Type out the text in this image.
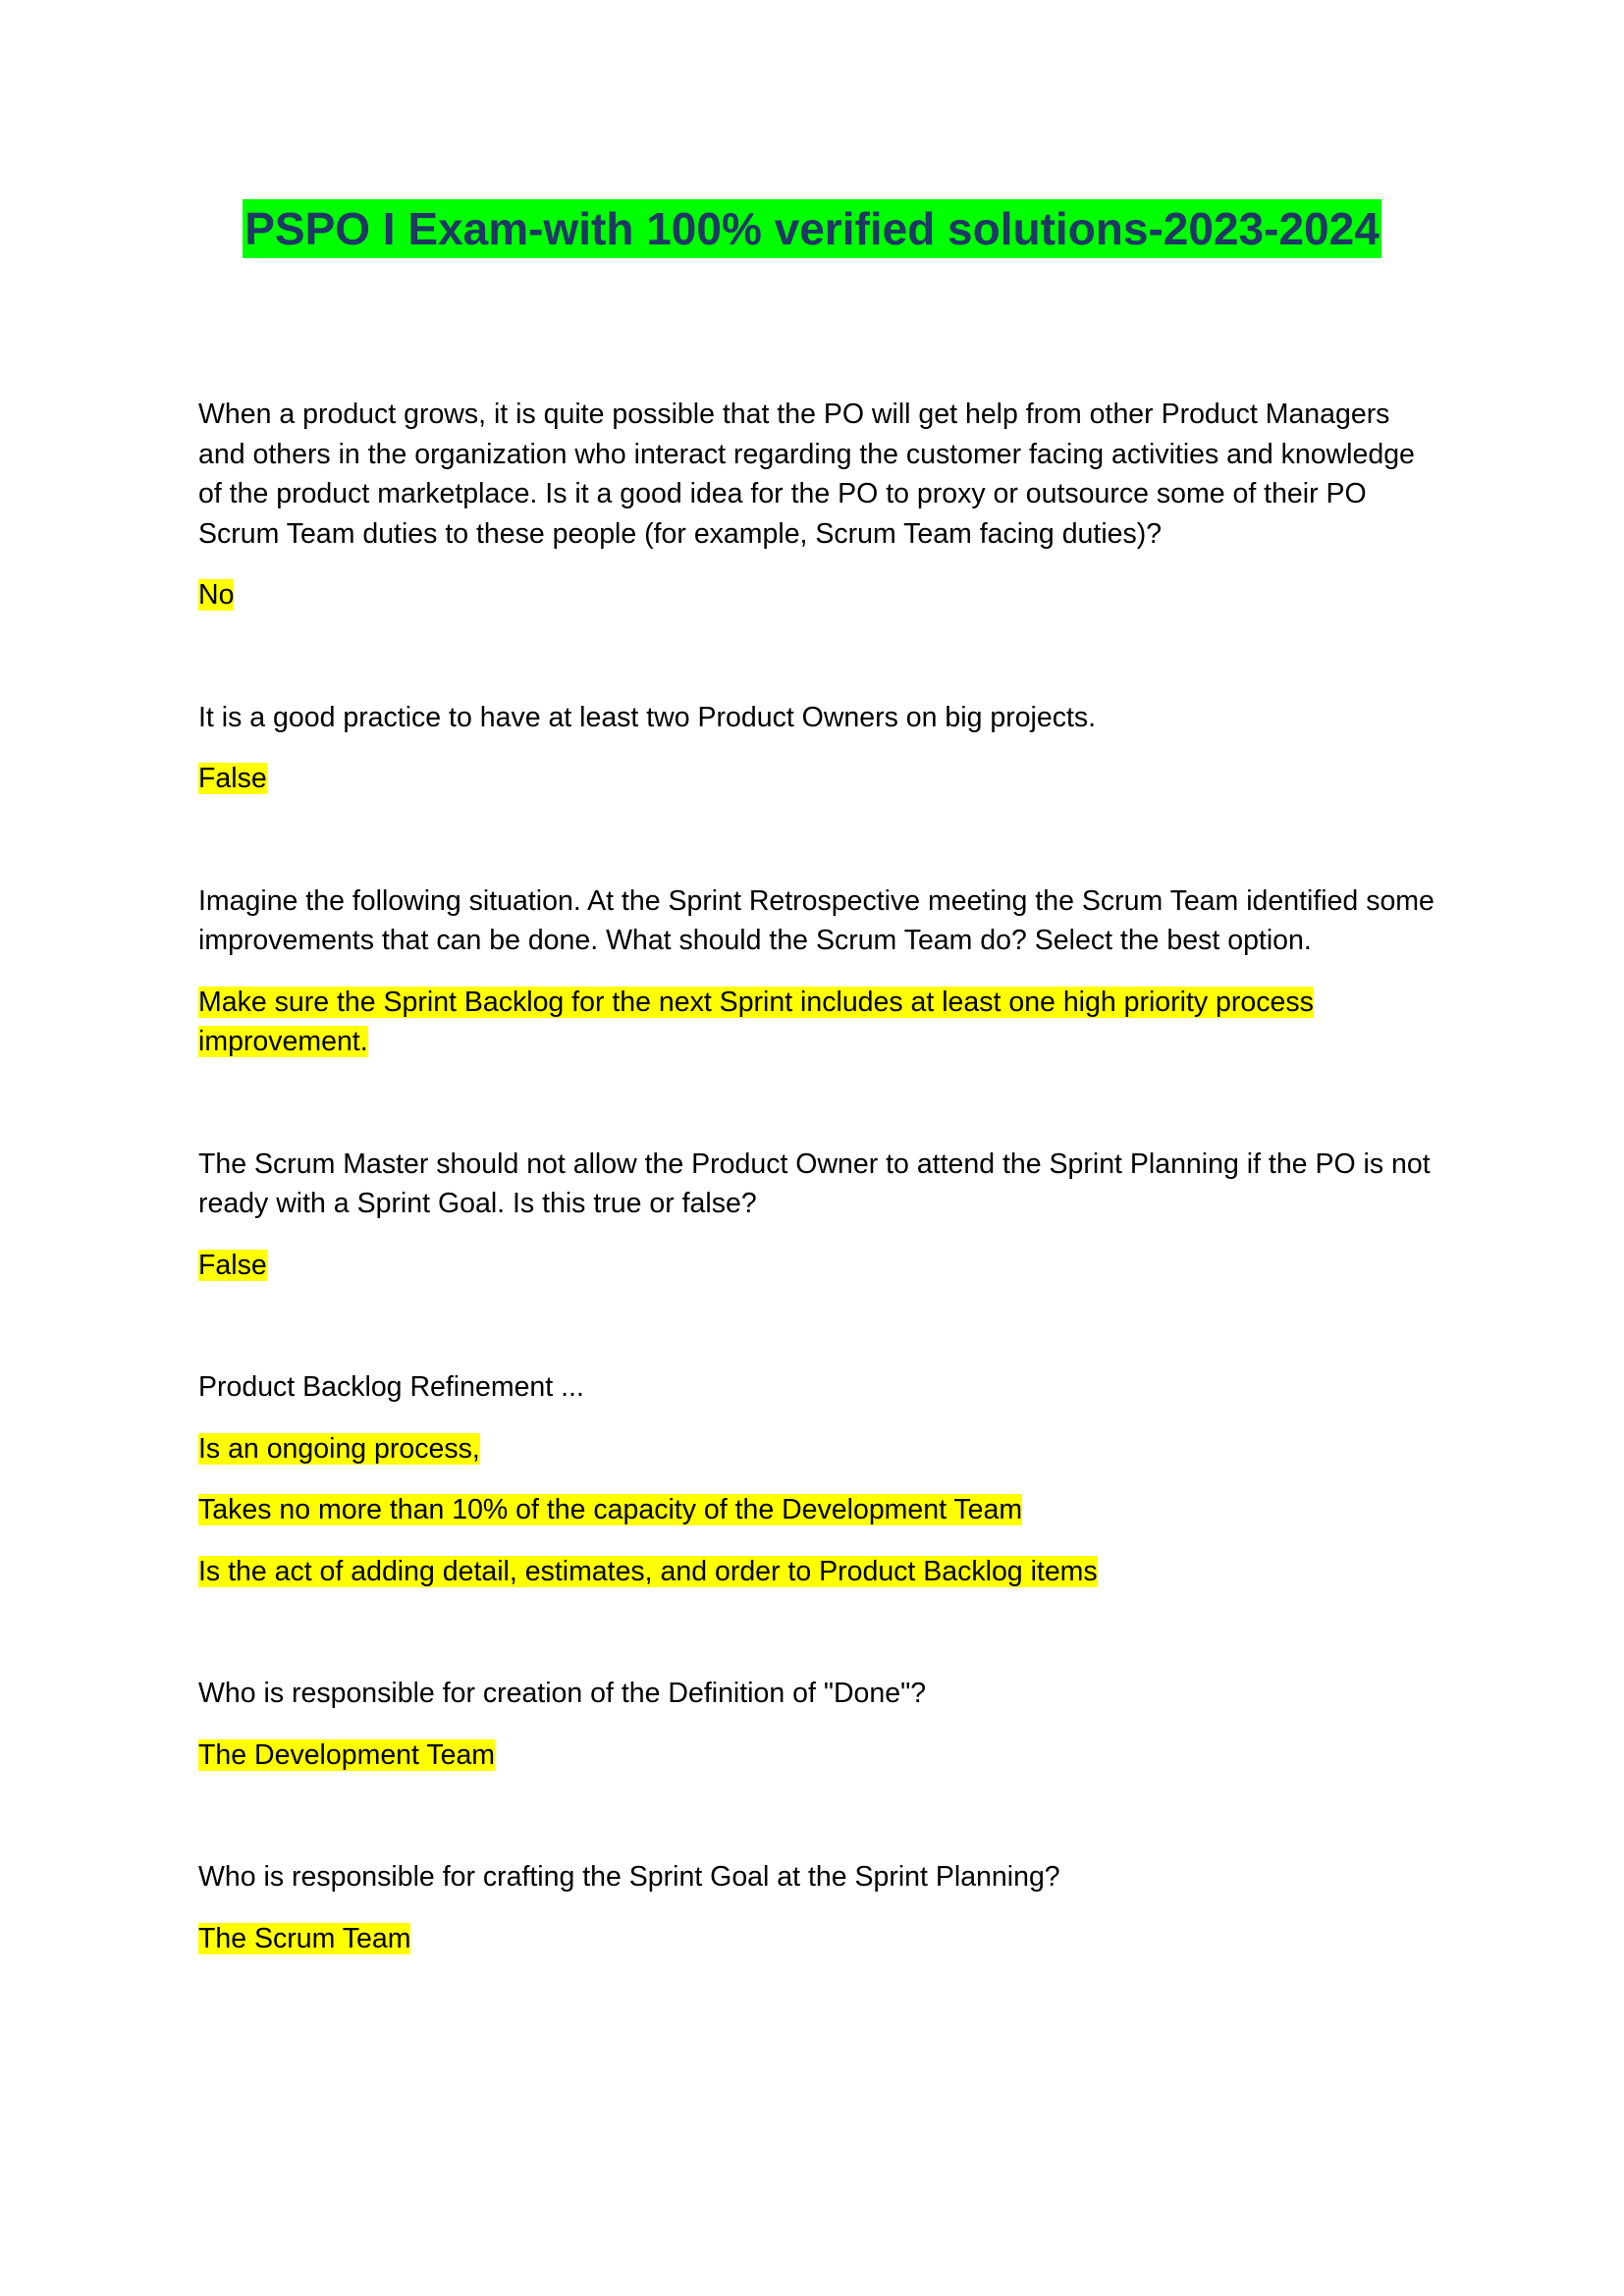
PSPO I Exam-with 100% verified solutions-2023-2024

When a product grows, it is quite possible that the PO will get help from other Product Managers and others in the organization who interact regarding the customer facing activities and knowledge of the product marketplace. Is it a good idea for the PO to proxy or outsource some of their PO Scrum Team duties to these people (for example, Scrum Team facing duties)?

No

It is a good practice to have at least two Product Owners on big projects.

False

Imagine the following situation. At the Sprint Retrospective meeting the Scrum Team identified some improvements that can be done. What should the Scrum Team do? Select the best option.

Make sure the Sprint Backlog for the next Sprint includes at least one high priority process improvement.

The Scrum Master should not allow the Product Owner to attend the Sprint Planning if the PO is not ready with a Sprint Goal. Is this true or false?

False

Product Backlog Refinement ...

Is an ongoing process,

Takes no more than 10% of the capacity of the Development Team

Is the act of adding detail, estimates, and order to Product Backlog items

Who is responsible for creation of the Definition of "Done"?

The Development Team

Who is responsible for crafting the Sprint Goal at the Sprint Planning?

The Scrum Team
